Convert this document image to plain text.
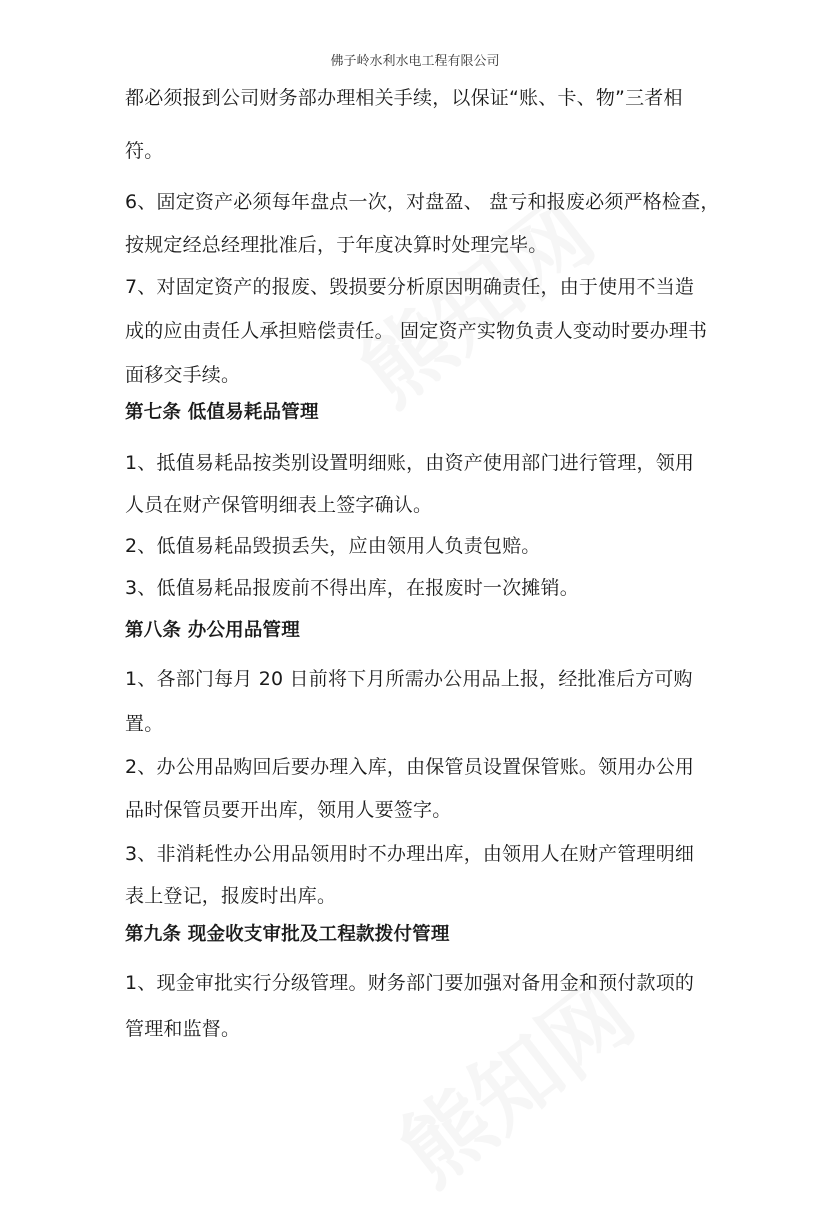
佛子岭水利水电工程有限公司
都必须报到公司财务部办理相关手续，以保证“账、卡、物”三者相
符。
6、固定资产必须每年盘点一次，对盘盈、 盘亏和报废必须严格检查，
按规定经总经理批准后，于年度决算时处理完毕。
7、对固定资产的报废、毁损要分析原因明确责任，由于使用不当造
成的应由责任人承担赔偿责任。 固定资产实物负责人变动时要办理书
面移交手续。
第七条 低值易耗品管理
1、抵值易耗品按类别设置明细账，由资产使用部门进行管理，领用
人员在财产保管明细表上签字确认。
2、低值易耗品毁损丢失，应由领用人负责包赔。
3、低值易耗品报废前不得出库，在报废时一次摊销。
第八条 办公用品管理
1、各部门每月 20 日前将下月所需办公用品上报，经批准后方可购
置。
2、办公用品购回后要办理入库，由保管员设置保管账。领用办公用
品时保管员要开出库，领用人要签字。
3、非消耗性办公用品领用时不办理出库，由领用人在财产管理明细
表上登记，报废时出库。
第九条 现金收支审批及工程款拨付管理
1、现金审批实行分级管理。财务部门要加强对备用金和预付款项的
管理和监督。
